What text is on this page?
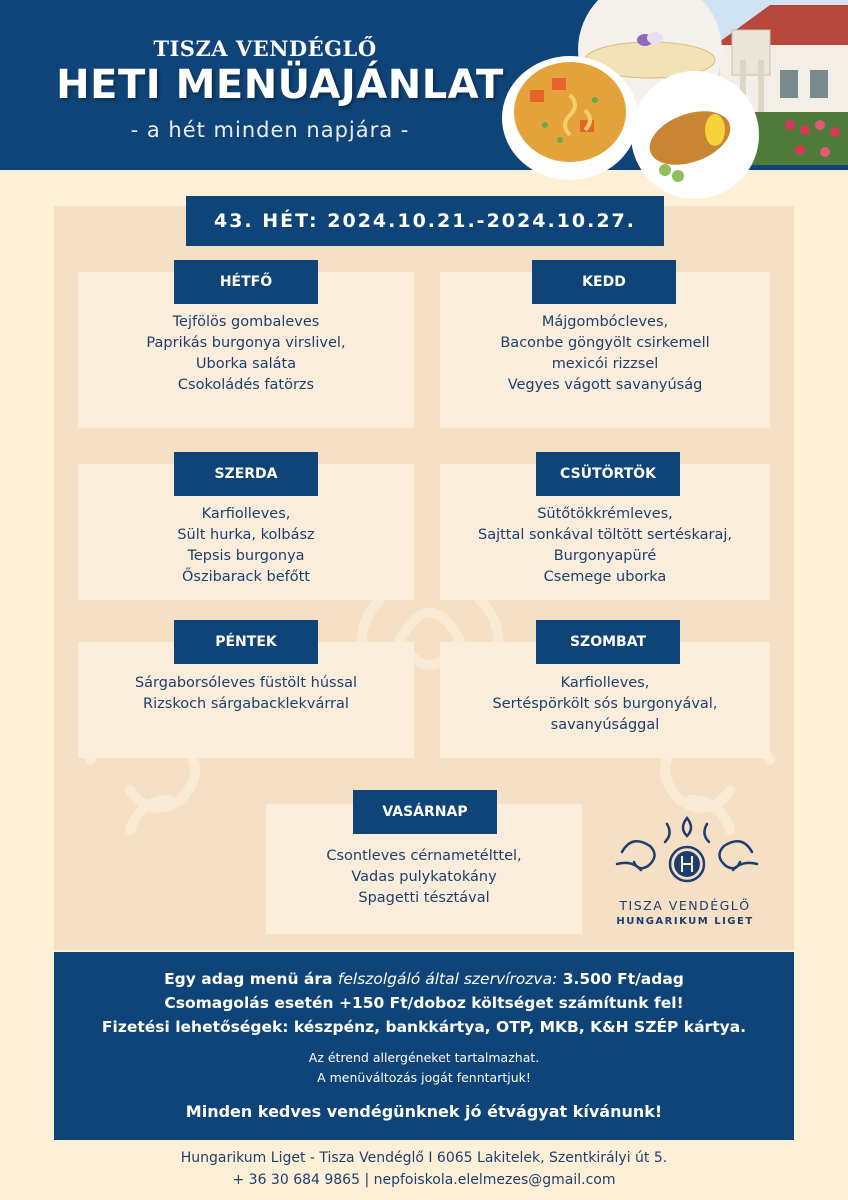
TISZA VENDÉGLŐ
HETI MENÜAJÁNLAT
- a hét minden napjára -
43. HÉT: 2024.10.21.-2024.10.27.
HÉTFŐ
Tejfölös gombaleves
Paprikás burgonya virslivel,
Uborka saláta
Csokoládés fatörzs
KEDD
Májgombócleves,
Baconbe göngyölt csirkemell
mexicói rizzsel
Vegyes vágott savanyúság
SZERDA
Karfiolleves,
Sült hurka, kolbász
Tepsis burgonya
Őszibarack befőtt
CSÜTÖRTÖK
Sütőtökkrémleves,
Sajttal sonkával töltött sertéskaraj,
Burgonyapüré
Csemege uborka
PÉNTEK
Sárgaborsóleves füstölt hússal
Rizskoch sárgabacklekvárral
SZOMBAT
Karfiolleves,
Sertéspörkölt sós burgonyával,
savanyúsággal
VASÁRNAP
Csontleves cérnametélttel,
Vadas pulykatokány
Spagetti tésztával	TISZA VENDÉGLŐ
HUNGARIKUM LIGET
Egy adag menü ára felszolgáló által szervírozva: 3.500 Ft/adag
Csomagolás esetén +150 Ft/doboz költséget számítunk fel!
Fizetési lehetőségek: készpénz, bankkártya, OTP, MKB, K&H SZÉP kártya.
Az étrend allergéneket tartalmazhat.
A menüváltozás jogát fenntartjuk!
Minden kedves vendégünknek jó étvágyat kívánunk!
Hungarikum Liget - Tisza Vendéglő I 6065 Lakitelek, Szentkirályi út 5.
+ 36 30 684 9865 | nepfoiskola.elelmezes@gmail.com
